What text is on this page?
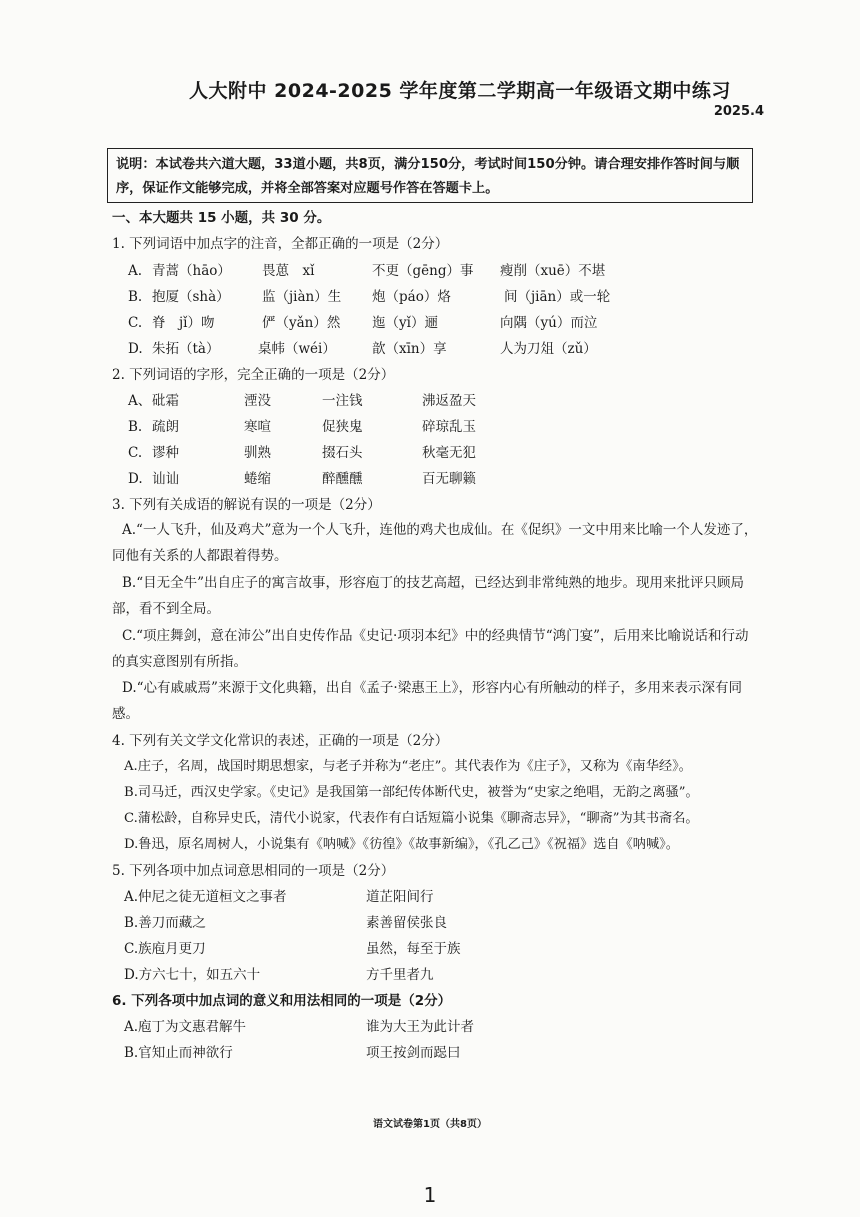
人大附中 2024-2025 学年度第二学期高一年级语文期中练习
2025.4
说明：本试卷共六道大题，33道小题，共8页，满分150分，考试时间150分钟。请合理安排作答时间与顺序，保证作文能够完成，并将全部答案对应题号作答在答题卡上。
一、本大题共 15 小题，共 30 分。
1. 下列词语中加点字的注音，全都正确的一项是（2分）
A. 青蒿（hāo） 畏葸　xǐ	不更（gēng）事 瘦削（xuē）不堪
B. 抱厦（shà） 监（jiàn）生 炮（páo）烙	间（jiān）或一轮
C. 脊　jǐ）吻	俨（yǎn）然 迤（yǐ）逦	向隅（yú）而泣
D. 朱拓（tà）	桌帏（wéi）	歆（xīn）享	人为刀俎（zǔ）
2. 下列词语的字形，完全正确的一项是（2分）
A、 砒霜	湮没	一注钱	沸返盈天
B. 疏朗	寒喧	促狭鬼	碎琼乱玉
C. 谬种	驯熟	掇石头	秋毫无犯
D. 讪讪	蜷缩	醉醺醺	百无聊籁
3. 下列有关成语的解说有误的一项是（2分）
A.“一人飞升，仙及鸡犬”意为一个人飞升，连他的鸡犬也成仙。在《促织》一文中用来比喻一个人发迹了，同他有关系的人都跟着得势。
B.“目无全牛”出自庄子的寓言故事，形容庖丁的技艺高超，已经达到非常纯熟的地步。现用来批评只顾局部，看不到全局。
C.“项庄舞剑，意在沛公”出自史传作品《史记·项羽本纪》中的经典情节“鸿门宴”，后用来比喻说话和行动的真实意图别有所指。
D.“心有戚戚焉”来源于文化典籍，出自《孟子·梁惠王上》，形容内心有所触动的样子，多用来表示深有同感。
4. 下列有关文学文化常识的表述，正确的一项是（2分）
A.庄子，名周，战国时期思想家，与老子并称为“老庄”。其代表作为《庄子》，又称为《南华经》。
B.司马迁，西汉史学家。《史记》是我国第一部纪传体断代史，被誉为“史家之绝唱，无韵之离骚”。
C.蒲松龄，自称异史氏，清代小说家，代表作有白话短篇小说集《聊斋志异》，“聊斋”为其书斋名。
D.鲁迅，原名周树人，小说集有《呐喊》《彷徨》《故事新编》，《孔乙己》《祝福》选自《呐喊》。
5. 下列各项中加点词意思相同的一项是（2分）
A.仲尼之徒无道桓文之事者	道芷阳间行
B.善刀而藏之	素善留侯张良
C.族庖月更刀	虽然，每至于族
D.方六七十，如五六十	方千里者九
6. 下列各项中加点词的意义和用法相同的一项是（2分）
A.庖丁为文惠君解牛	谁为大王为此计者
B.官知止而神欲行	项王按剑而跽曰
语文试卷第1页（共8页）
1
